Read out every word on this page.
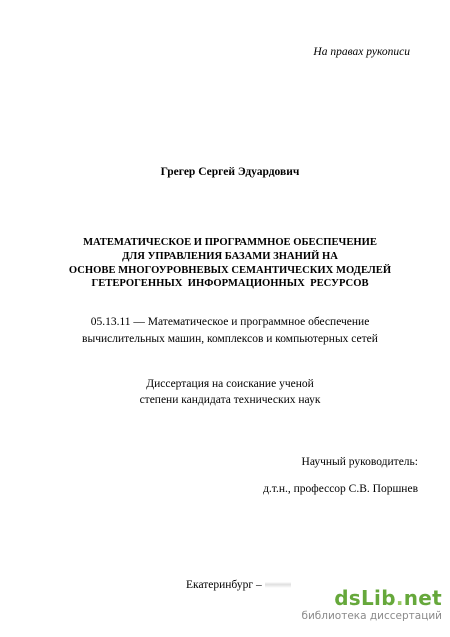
На правах рукописи
Грегер Сергей Эдуардович
МАТЕМАТИЧЕСКОЕ И ПРОГРАММНОЕ ОБЕСПЕЧЕНИЕ
ДЛЯ УПРАВЛЕНИЯ БАЗАМИ ЗНАНИЙ НА
ОСНОВЕ МНОГОУРОВНЕВЫХ СЕМАНТИЧЕСКИХ МОДЕЛЕЙ
ГЕТЕРОГЕННЫХ  ИНФОРМАЦИОННЫХ  РЕСУРСОВ
05.13.11 — Математическое и программное обеспечение
вычислительных машин, комплексов и компьютерных сетей
Диссертация на соискание ученой
степени кандидата технических наук
Научный руководитель:
д.т.н., профессор С.В. Поршнев
Екатеринбург –
dsLib.net
библиотека диссертаций
